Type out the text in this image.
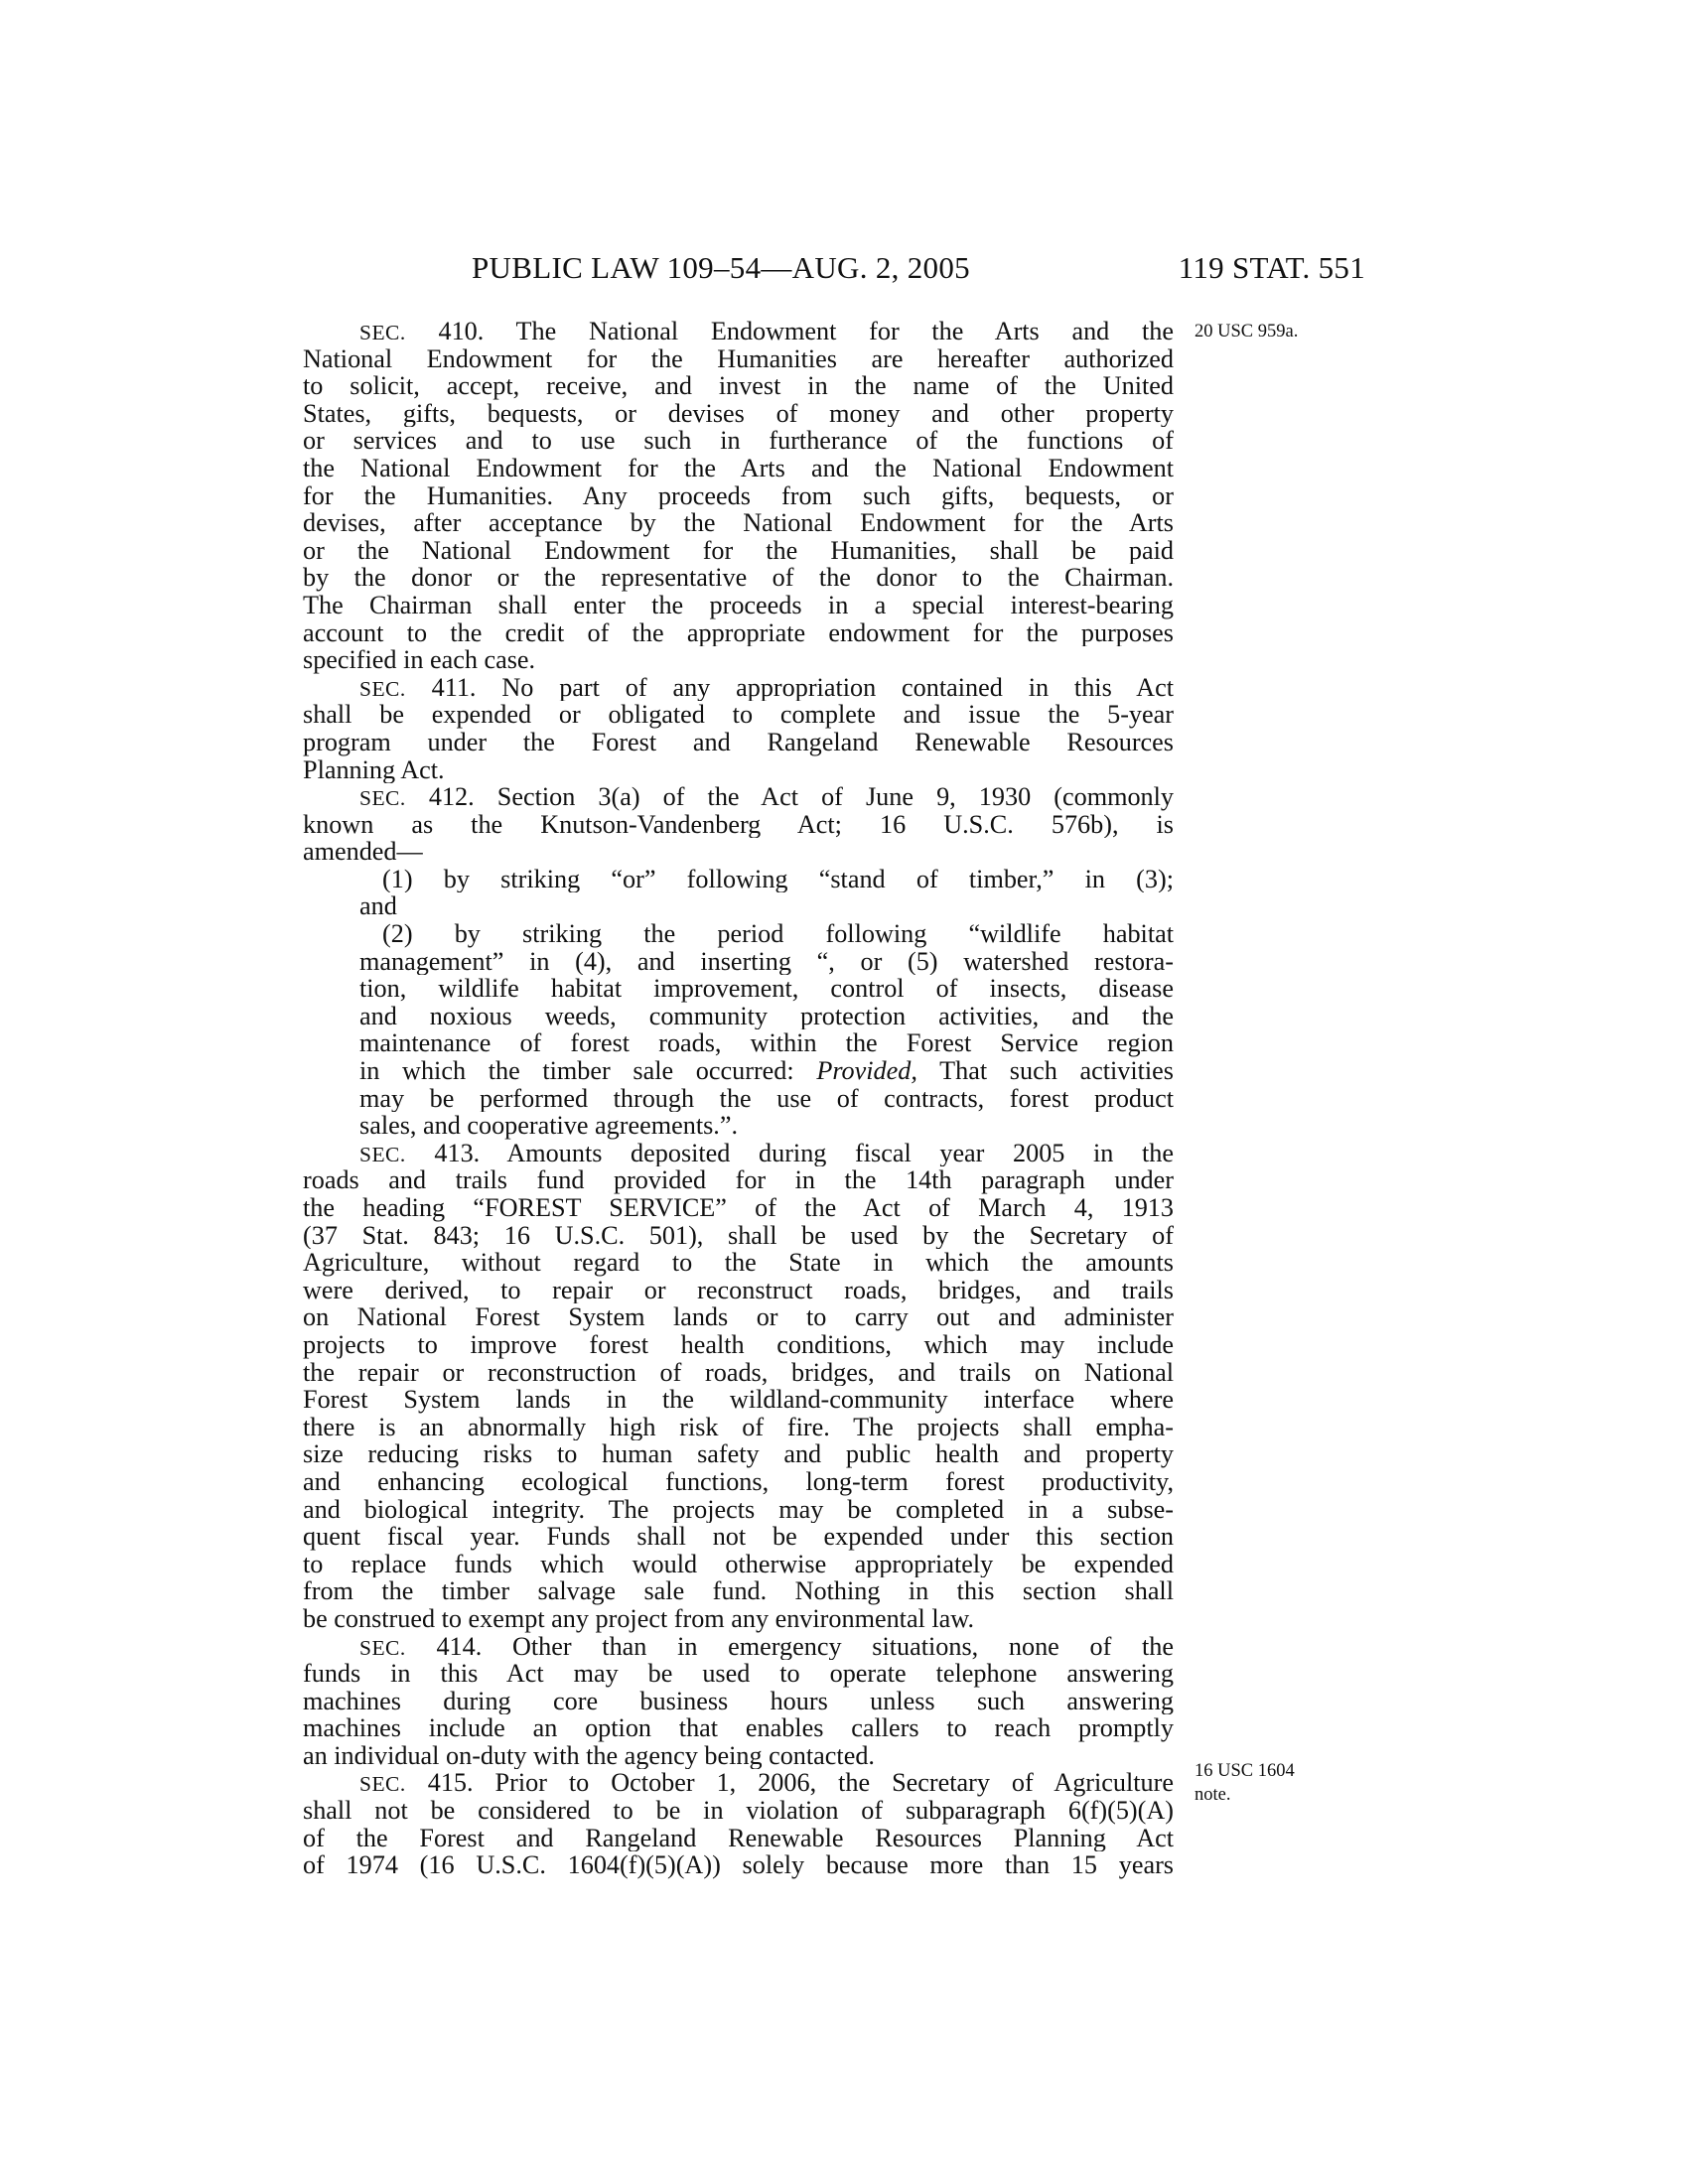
PUBLIC LAW 109–54—AUG. 2, 2005	119 STAT. 551
20 USC 959a.
16 USC 1604
note.
SEC. 410. The National Endowment for the Arts and the
National Endowment for the Humanities are hereafter authorized
to solicit, accept, receive, and invest in the name of the United
States, gifts, bequests, or devises of money and other property
or services and to use such in furtherance of the functions of
the National Endowment for the Arts and the National Endowment
for the Humanities. Any proceeds from such gifts, bequests, or
devises, after acceptance by the National Endowment for the Arts
or the National Endowment for the Humanities, shall be paid
by the donor or the representative of the donor to the Chairman.
The Chairman shall enter the proceeds in a special interest-bearing
account to the credit of the appropriate endowment for the purposes
specified in each case.
SEC. 411. No part of any appropriation contained in this Act
shall be expended or obligated to complete and issue the 5-year
program under the Forest and Rangeland Renewable Resources
Planning Act.
SEC. 412. Section 3(a) of the Act of June 9, 1930 (commonly
known as the Knutson-Vandenberg Act; 16 U.S.C. 576b), is
amended—
(1) by striking “or” following “stand of timber,” in (3);
and
(2) by striking the period following “wildlife habitat
management” in (4), and inserting “, or (5) watershed restora-
tion, wildlife habitat improvement, control of insects, disease
and noxious weeds, community protection activities, and the
maintenance of forest roads, within the Forest Service region
in which the timber sale occurred: Provided, That such activities
may be performed through the use of contracts, forest product
sales, and cooperative agreements.”.
SEC. 413. Amounts deposited during fiscal year 2005 in the
roads and trails fund provided for in the 14th paragraph under
the heading “FOREST SERVICE” of the Act of March 4, 1913
(37 Stat. 843; 16 U.S.C. 501), shall be used by the Secretary of
Agriculture, without regard to the State in which the amounts
were derived, to repair or reconstruct roads, bridges, and trails
on National Forest System lands or to carry out and administer
projects to improve forest health conditions, which may include
the repair or reconstruction of roads, bridges, and trails on National
Forest System lands in the wildland-community interface where
there is an abnormally high risk of fire. The projects shall empha-
size reducing risks to human safety and public health and property
and enhancing ecological functions, long-term forest productivity,
and biological integrity. The projects may be completed in a subse-
quent fiscal year. Funds shall not be expended under this section
to replace funds which would otherwise appropriately be expended
from the timber salvage sale fund. Nothing in this section shall
be construed to exempt any project from any environmental law.
SEC. 414. Other than in emergency situations, none of the
funds in this Act may be used to operate telephone answering
machines during core business hours unless such answering
machines include an option that enables callers to reach promptly
an individual on-duty with the agency being contacted.
SEC. 415. Prior to October 1, 2006, the Secretary of Agriculture
shall not be considered to be in violation of subparagraph 6(f)(5)(A)
of the Forest and Rangeland Renewable Resources Planning Act
of 1974 (16 U.S.C. 1604(f)(5)(A)) solely because more than 15 years
